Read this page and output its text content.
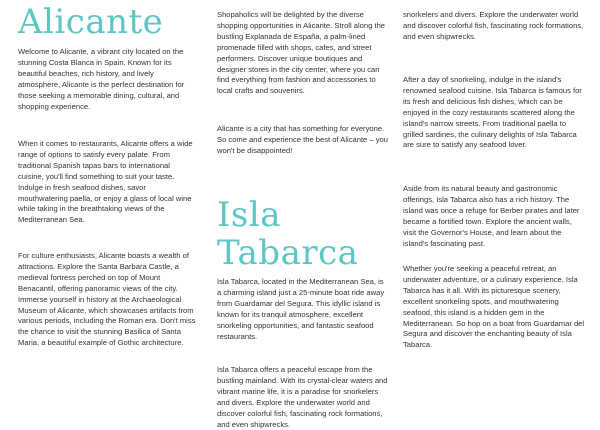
Alicante

Welcome to Alicante, a vibrant city located on the stunning Costa Blanca in Spain. Known for its beautiful beaches, rich history, and lively atmosphere, Alicante is the perfect destination for those seeking a memorable dining, cultural, and shopping experience.

When it comes to restaurants, Alicante offers a wide range of options to satisfy every palate. From traditional Spanish tapas bars to international cuisine, you'll find something to suit your taste. Indulge in fresh seafood dishes, savor mouthwatering paella, or enjoy a glass of local wine while taking in the breathtaking views of the Mediterranean Sea.

For culture enthusiasts, Alicante boasts a wealth of attractions. Explore the Santa Barbara Castle, a medieval fortress perched on top of Mount Benacantil, offering panoramic views of the city. Immerse yourself in history at the Archaeological Museum of Alicante, which showcases artifacts from various periods, including the Roman era. Don't miss the chance to visit the stunning Basilica of Santa Maria, a beautiful example of Gothic architecture.

Shopaholics will be delighted by the diverse shopping opportunities in Alicante. Stroll along the bustling Explanada de España, a palm-lined promenade filled with shops, cafes, and street performers. Discover unique boutiques and designer stores in the city center, where you can find everything from fashion and accessories to local crafts and souvenirs.

Alicante is a city that has something for everyone. So come and experience the best of Alicante – you won't be disappointed!

Isla Tabarca

Isla Tabarca, located in the Mediterranean Sea, is a charming island just a 25-minute boat ride away from Guardamar del Segura. This idyllic island is known for its tranquil atmosphere, excellent snorkeling opportunities, and fantastic seafood restaurants.

Isla Tabarca offers a peaceful escape from the bustling mainland. With its crystal-clear waters and vibrant marine life, it is a paradise for snorkelers and divers. Explore the underwater world and discover colorful fish, fascinating rock formations, and even shipwrecks.

snorkelers and divers. Explore the underwater world and discover colorful fish, fascinating rock formations, and even shipwrecks.

After a day of snorkeling, indulge in the island's renowned seafood cuisine. Isla Tabarca is famous for its fresh and delicious fish dishes, which can be enjoyed in the cozy restaurants scattered along the island's narrow streets. From traditional paella to grilled sardines, the culinary delights of Isla Tabarca are sure to satisfy any seafood lover.

Aside from its natural beauty and gastronomic offerings, Isla Tabarca also has a rich history. The island was once a refuge for Berber pirates and later became a fortified town. Explore the ancient walls, visit the Governor's House, and learn about the island's fascinating past.

Whether you're seeking a peaceful retreat, an underwater adventure, or a culinary experience, Isla Tabarca has it all. With its picturesque scenery, excellent snorkeling spots, and mouthwatering seafood, this island is a hidden gem in the Mediterranean. So hop on a boat from Guardamar del Segura and discover the enchanting beauty of Isla Tabarca.
